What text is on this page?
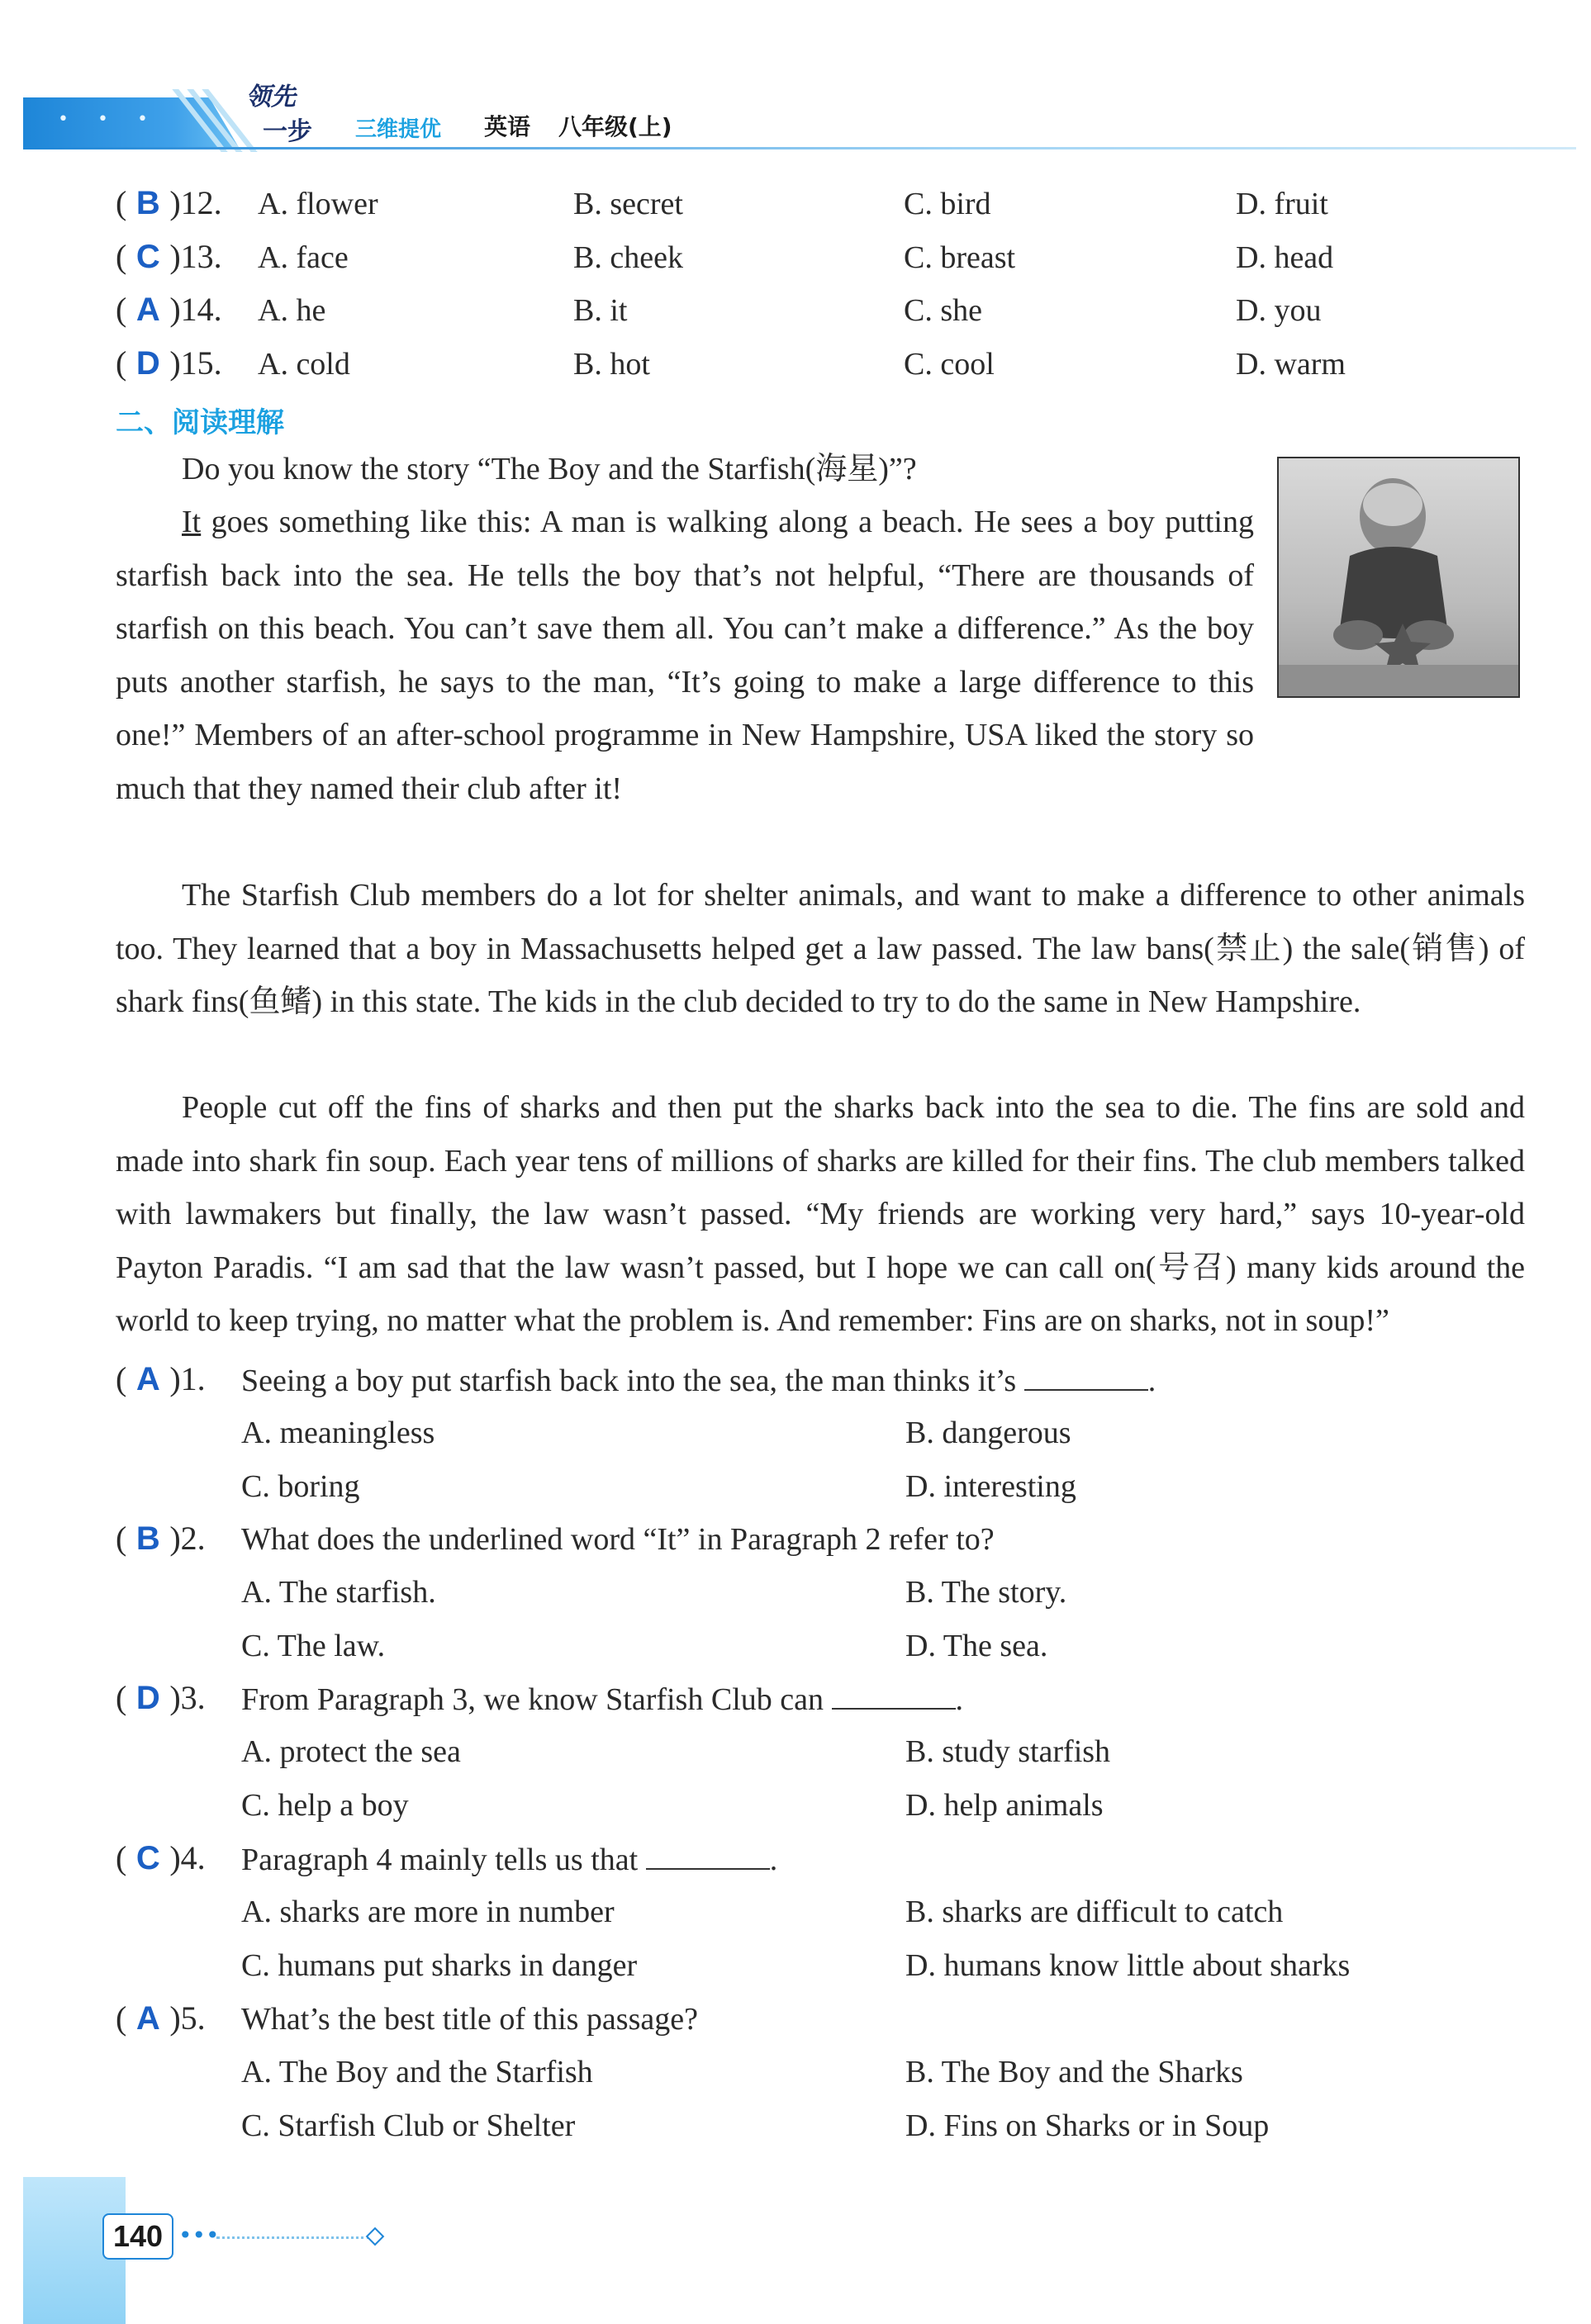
• • •
领先
一步 三维提优 英语 八年级(上)
( B )12. A. flower	B. secret	C. bird	D. fruit
( C )13. A. face	B. cheek	C. breast	D. head
( A )14. A. he	B. it	C. she	D. you
( D )15. A. cold	B. hot	C. cool	D. warm
二、阅读理解

Do you know the story “The Boy and the Starfish(海星)”?

It goes something like this: A man is walking along a beach. He sees a boy putting starfish back into the sea. He tells the boy that’s not helpful, “There are thousands of starfish on this beach. You can’t save them all. You can’t make a difference.” As the boy puts another starfish, he says to the man, “It’s going to make a large difference to this one!” Members of an after-school programme in New Hampshire, USA liked the story so much that they named their club after it!

The Starfish Club members do a lot for shelter animals, and want to make a difference to other animals too. They learned that a boy in Massachusetts helped get a law passed. The law bans(禁止) the sale(销售) of shark fins(鱼鳍) in this state. The kids in the club decided to try to do the same in New Hampshire.

People cut off the fins of sharks and then put the sharks back into the sea to die. The fins are sold and made into shark fin soup. Each year tens of millions of sharks are killed for their fins. The club members talked with lawmakers but finally, the law wasn’t passed. “My friends are working very hard,” says 10-year-old Payton Paradis. “I am sad that the law wasn’t passed, but I hope we can call on(号召) many kids around the world to keep trying, no matter what the problem is. And remember: Fins are on sharks, not in soup!”

( A )1. Seeing a boy put starfish back into the sea, the man thinks it’s	.
A. meaningless	B. dangerous
C. boring	D. interesting
( B )2. What does the underlined word “It” in Paragraph 2 refer to?
A. The starfish.	B. The story.
C. The law.	D. The sea.
( D )3. From Paragraph 3, we know Starfish Club can	.
A. protect the sea	B. study starfish
C. help a boy	D. help animals
( C )4. Paragraph 4 mainly tells us that	.
A. sharks are more in number	B. sharks are difficult to catch
C. humans put sharks in danger	D. humans know little about sharks
( A )5. What’s the best title of this passage?
A. The Boy and the Starfish	B. The Boy and the Sharks
C. Starfish Club or Shelter	D. Fins on Sharks or in Soup
140 •••
